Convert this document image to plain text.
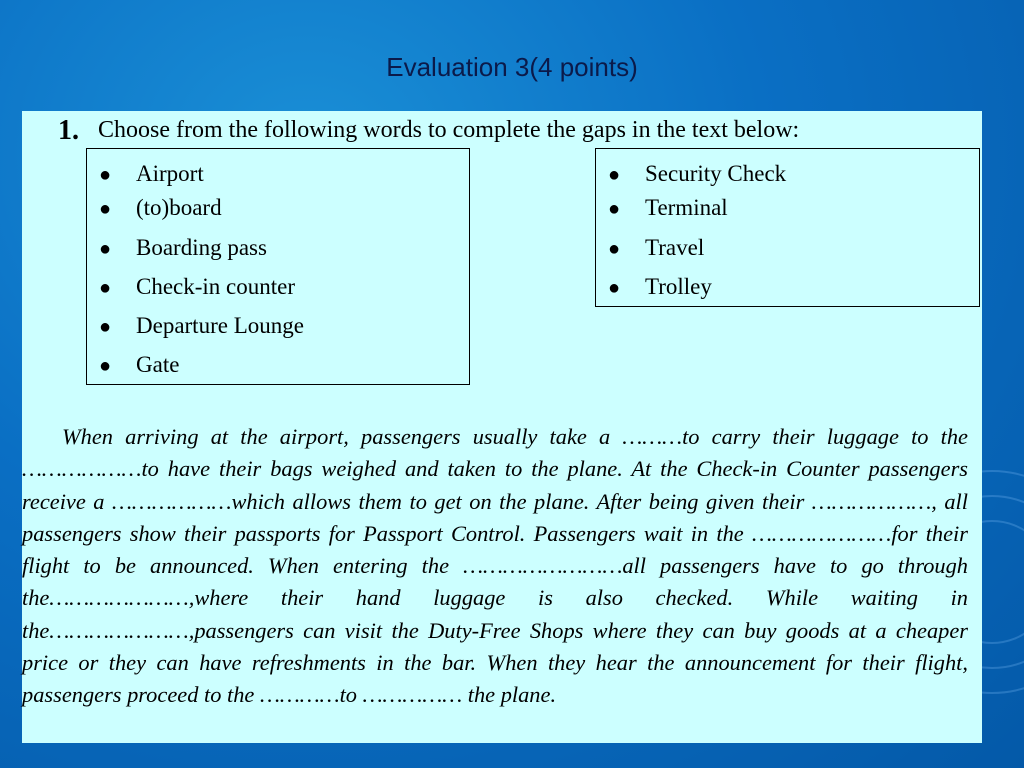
Evaluation 3(4 points)
1. Choose from the following words to complete the gaps in the text below:
● Airport
● (to)board
● Boarding pass
● Check-in counter
● Departure Lounge
● Gate
● Security Check
● Terminal
● Travel
● Trolley
When arriving at the airport, passengers usually take a ………to carry their luggage to the ………………to have their bags weighed and taken to the plane. At the Check-in Counter passengers receive a ………………which allows them to get on the plane. After being given their ………………, all passengers show their passports for Passport Control. Passengers wait in the …………………for their flight to be announced. When entering the ……………………all passengers have to go through the…………………,where their hand luggage is also checked. While waiting in the…………………,passengers can visit the Duty-Free Shops where they can buy goods at a cheaper price or they can have refreshments in the bar. When they hear the announcement for their flight, passengers proceed to the …………to …………… the plane.
